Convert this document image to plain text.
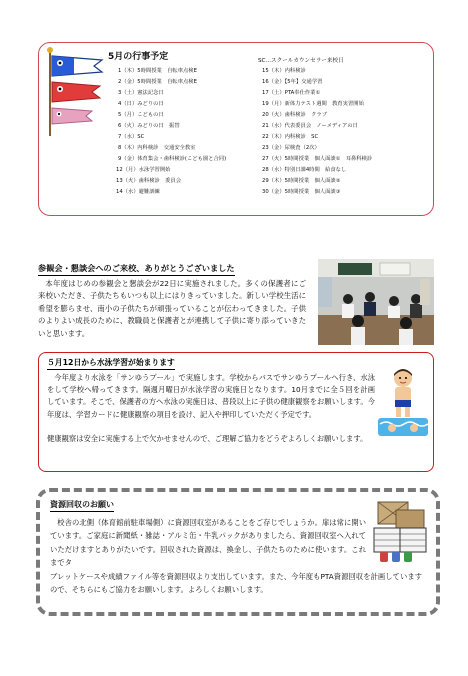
5月の行事予定	SC…スクールカウンセラー来校日
1（木）5時間授業　自転車点検E
2（金）5時間授業　自転車点検E
3（土）憲法記念日
4（日）みどりの日
5（月）こどもの日
6（火）みどりの日　振替
7（水）SC
8（木）内科検診　交通安全教室
9（金）体育集会・歯科検診(こども園と合同)
12（月）水泳学習開始
13（火）歯科検診　委員会
14（水）避難訓練
15（木）内科検診
16（金）【5年】交通学習
17（土）PTA奉仕作業①
19（月）新体力テスト週間　教育実習開始
20（火）歯科検診　クラブ
21（水）代表委員会　ノーメディアの日
22（木）内科検診　SC
23（金）尿検査（2次）
27（火）5時間授業　個人面談①　耳鼻科検診
28（水）特別日課4時間　給食なし
29（木）5時間授業　個人面談②
30（金）5時間授業　個人面談③
参観会・懇談会へのご来校、ありがとうございました
本年度はじめの参観会と懇談会が22日に実施されました。多くの保護者にご来校いただき、子供たちもいつも以上にはりきっていました。新しい学校生活に希望を膨らませ、南小の子供たちが頑張っていることが伝わってきました。子供のよりよい成長のために、教職員と保護者とが連携して子供に寄り添っていきたいと思います。
５月12日から水泳学習が始まります
今年度より水泳を「サンゆうプール」で実施します。学校からバスでサンゆうプールへ行き、水泳をして学校へ帰ってきます。隔週月曜日が水泳学習の実施日となります。10月までに全５回を計画しています。そこで、保護者の方へ水泳の実施日は、普段以上に子供の健康観察をお願いします。今年度は、学習カードに健康観察の項目を設け、記入や押印していただく予定です。
健康観察は安全に実施する上で欠かせませんので、ご理解ご協力をどうぞよろしくお願いします。
資源回収のお願い
校舎の北側（体育館前駐車場側）に資源回収室があることをご存じでしょうか。扉は常に開いています。ご家庭に新聞紙・雑誌・アルミ缶・牛乳パックがありましたら、資源回収室へ入れていただけますとありがたいです。回収された資源は、換金し、子供たちのために使います。これまでタ
ブレットケースや成績ファイル等を資源回収より支出しています。また、今年度もPTA資源回収を計画していますので、そちらにもご協力をお願いします。よろしくお願いします。
